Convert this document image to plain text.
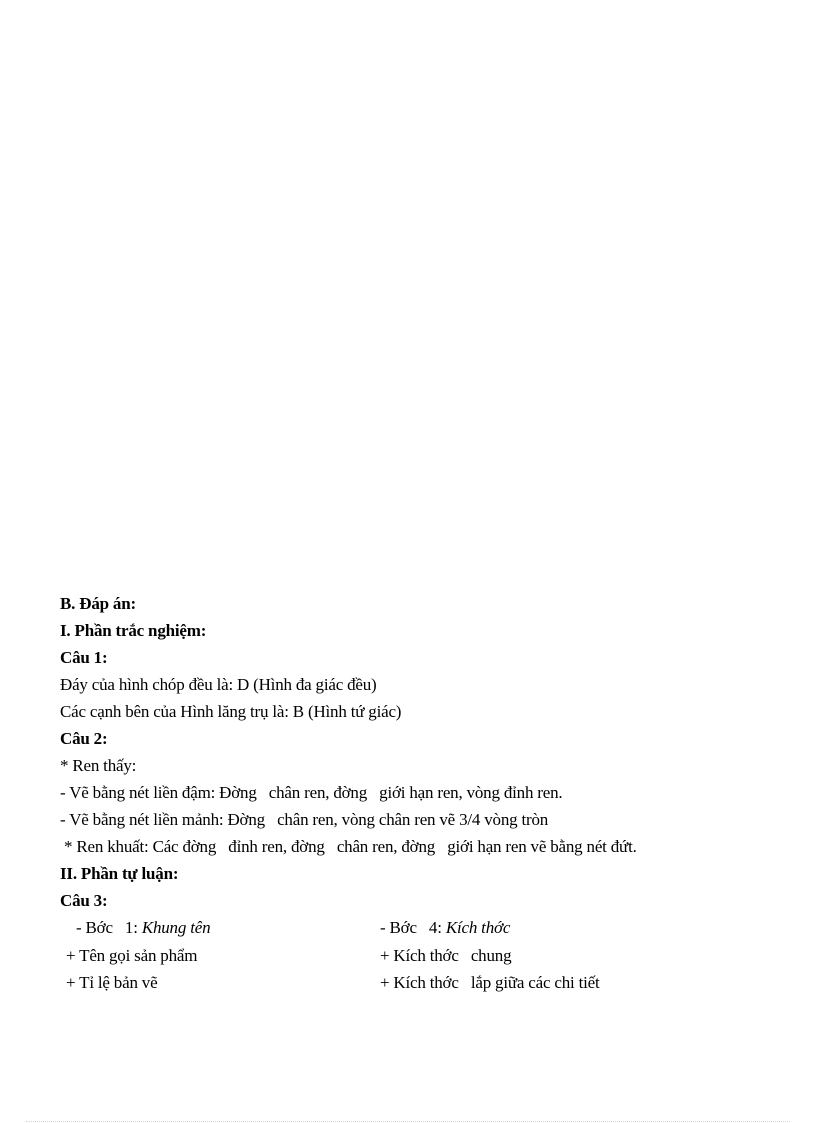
B. Đáp án:
I. Phần trắc nghiệm:
Câu 1:
Đáy của hình chóp đều là: D (Hình đa giác đều)
Các cạnh bên của Hình lăng trụ là: B (Hình tứ giác)
Câu 2:
* Ren thấy:
- Vẽ bằng nét liền đậm: Đờng   chân ren, đờng   giới hạn ren, vòng đỉnh ren.
- Vẽ bằng nét liền mảnh: Đờng   chân ren, vòng chân ren vẽ 3/4 vòng tròn
* Ren khuất: Các đờng   đỉnh ren, đờng   chân ren, đờng   giới hạn ren vẽ bằng nét đứt.
II. Phần tự luận:
Câu 3:
- Bớc   1: Khung tên	- Bớc   4: Kích thớc
+ Tên gọi sản phẩm	+ Kích thớc   chung
+ Tỉ lệ bản vẽ	+ Kích thớc   lắp giữa các chi tiết
